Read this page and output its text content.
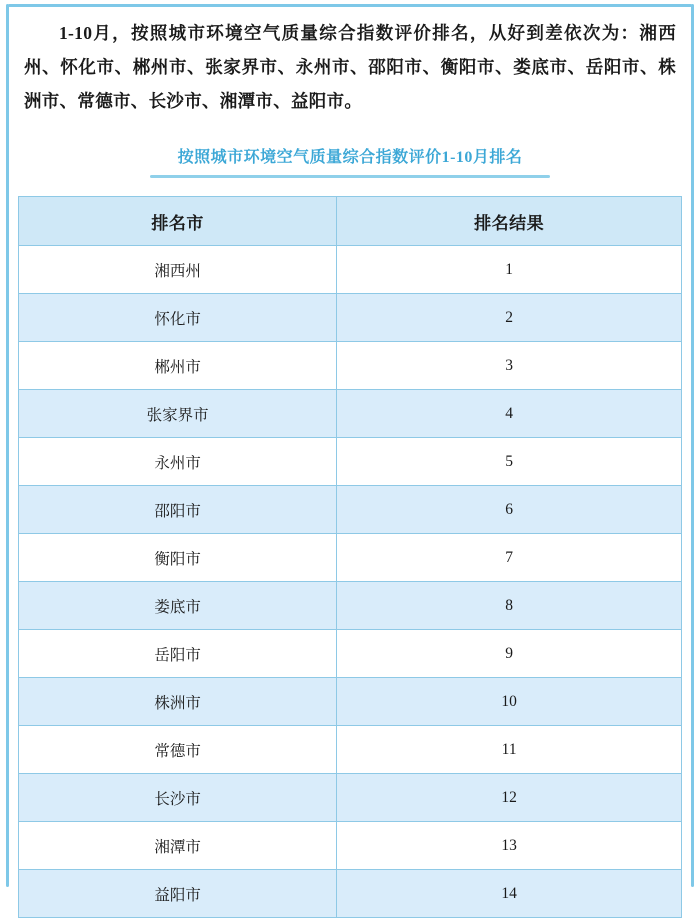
1-10月，按照城市环境空气质量综合指数评价排名，从好到差依次为：湘西州、怀化市、郴州市、张家界市、永州市、邵阳市、衡阳市、娄底市、岳阳市、株洲市、常德市、长沙市、湘潭市、益阳市。

按照城市环境空气质量综合指数评价1-10月排名
排名市	排名结果
湘西州	1
怀化市	2
郴州市	3
张家界市	4
永州市	5
邵阳市	6
衡阳市	7
娄底市	8
岳阳市	9
株洲市	10
常德市	11
长沙市	12
湘潭市	13
益阳市	14
